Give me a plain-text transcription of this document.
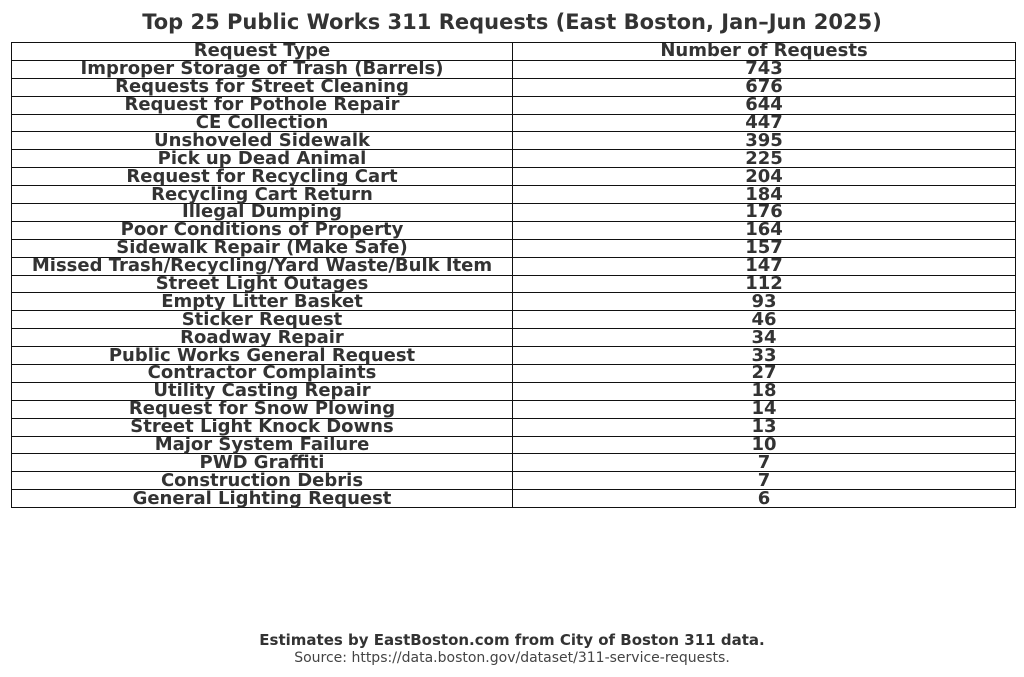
Top 25 Public Works 311 Requests (East Boston, Jan–Jun 2025)
Request Type	Number of Requests
Improper Storage of Trash (Barrels)	743
Requests for Street Cleaning	676
Request for Pothole Repair	644
CE Collection	447
Unshoveled Sidewalk	395
Pick up Dead Animal	225
Request for Recycling Cart	204
Recycling Cart Return	184
Illegal Dumping	176
Poor Conditions of Property	164
Sidewalk Repair (Make Safe)	157
Missed Trash/Recycling/Yard Waste/Bulk Item	147
Street Light Outages	112
Empty Litter Basket	93
Sticker Request	46
Roadway Repair	34
Public Works General Request	33
Contractor Complaints	27
Utility Casting Repair	18
Request for Snow Plowing	14
Street Light Knock Downs	13
Major System Failure	10
PWD Graffiti	7
Construction Debris	7
General Lighting Request	6
Estimates by EastBoston.com from City of Boston 311 data.
Source: https://data.boston.gov/dataset/311-service-requests.
